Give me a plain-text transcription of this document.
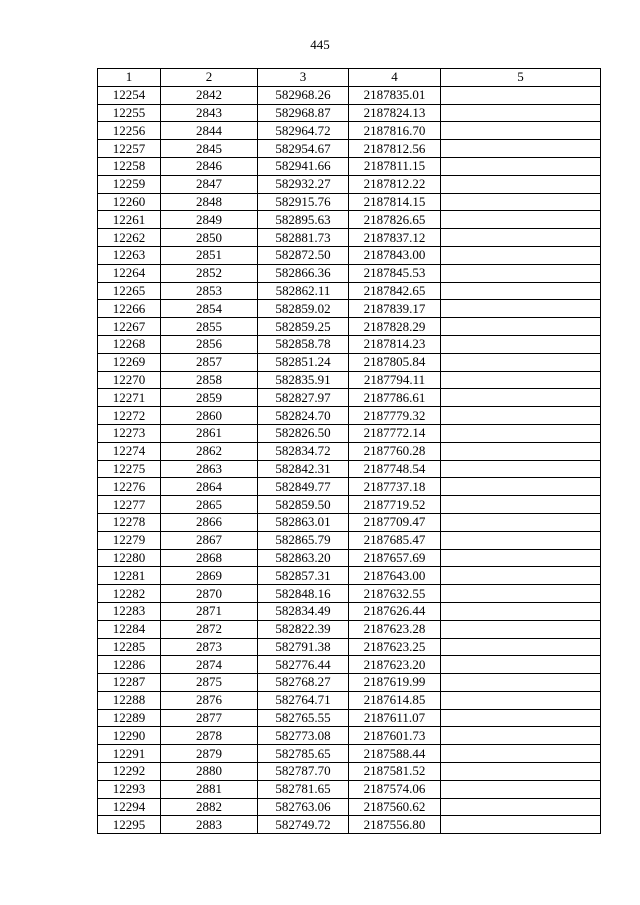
445
1	2	3	4	5
12254	2842	582968.26	2187835.01	
12255	2843	582968.87	2187824.13	
12256	2844	582964.72	2187816.70	
12257	2845	582954.67	2187812.56	
12258	2846	582941.66	2187811.15	
12259	2847	582932.27	2187812.22	
12260	2848	582915.76	2187814.15	
12261	2849	582895.63	2187826.65	
12262	2850	582881.73	2187837.12	
12263	2851	582872.50	2187843.00	
12264	2852	582866.36	2187845.53	
12265	2853	582862.11	2187842.65	
12266	2854	582859.02	2187839.17	
12267	2855	582859.25	2187828.29	
12268	2856	582858.78	2187814.23	
12269	2857	582851.24	2187805.84	
12270	2858	582835.91	2187794.11	
12271	2859	582827.97	2187786.61	
12272	2860	582824.70	2187779.32	
12273	2861	582826.50	2187772.14	
12274	2862	582834.72	2187760.28	
12275	2863	582842.31	2187748.54	
12276	2864	582849.77	2187737.18	
12277	2865	582859.50	2187719.52	
12278	2866	582863.01	2187709.47	
12279	2867	582865.79	2187685.47	
12280	2868	582863.20	2187657.69	
12281	2869	582857.31	2187643.00	
12282	2870	582848.16	2187632.55	
12283	2871	582834.49	2187626.44	
12284	2872	582822.39	2187623.28	
12285	2873	582791.38	2187623.25	
12286	2874	582776.44	2187623.20	
12287	2875	582768.27	2187619.99	
12288	2876	582764.71	2187614.85	
12289	2877	582765.55	2187611.07	
12290	2878	582773.08	2187601.73	
12291	2879	582785.65	2187588.44	
12292	2880	582787.70	2187581.52	
12293	2881	582781.65	2187574.06	
12294	2882	582763.06	2187560.62	
12295	2883	582749.72	2187556.80	
